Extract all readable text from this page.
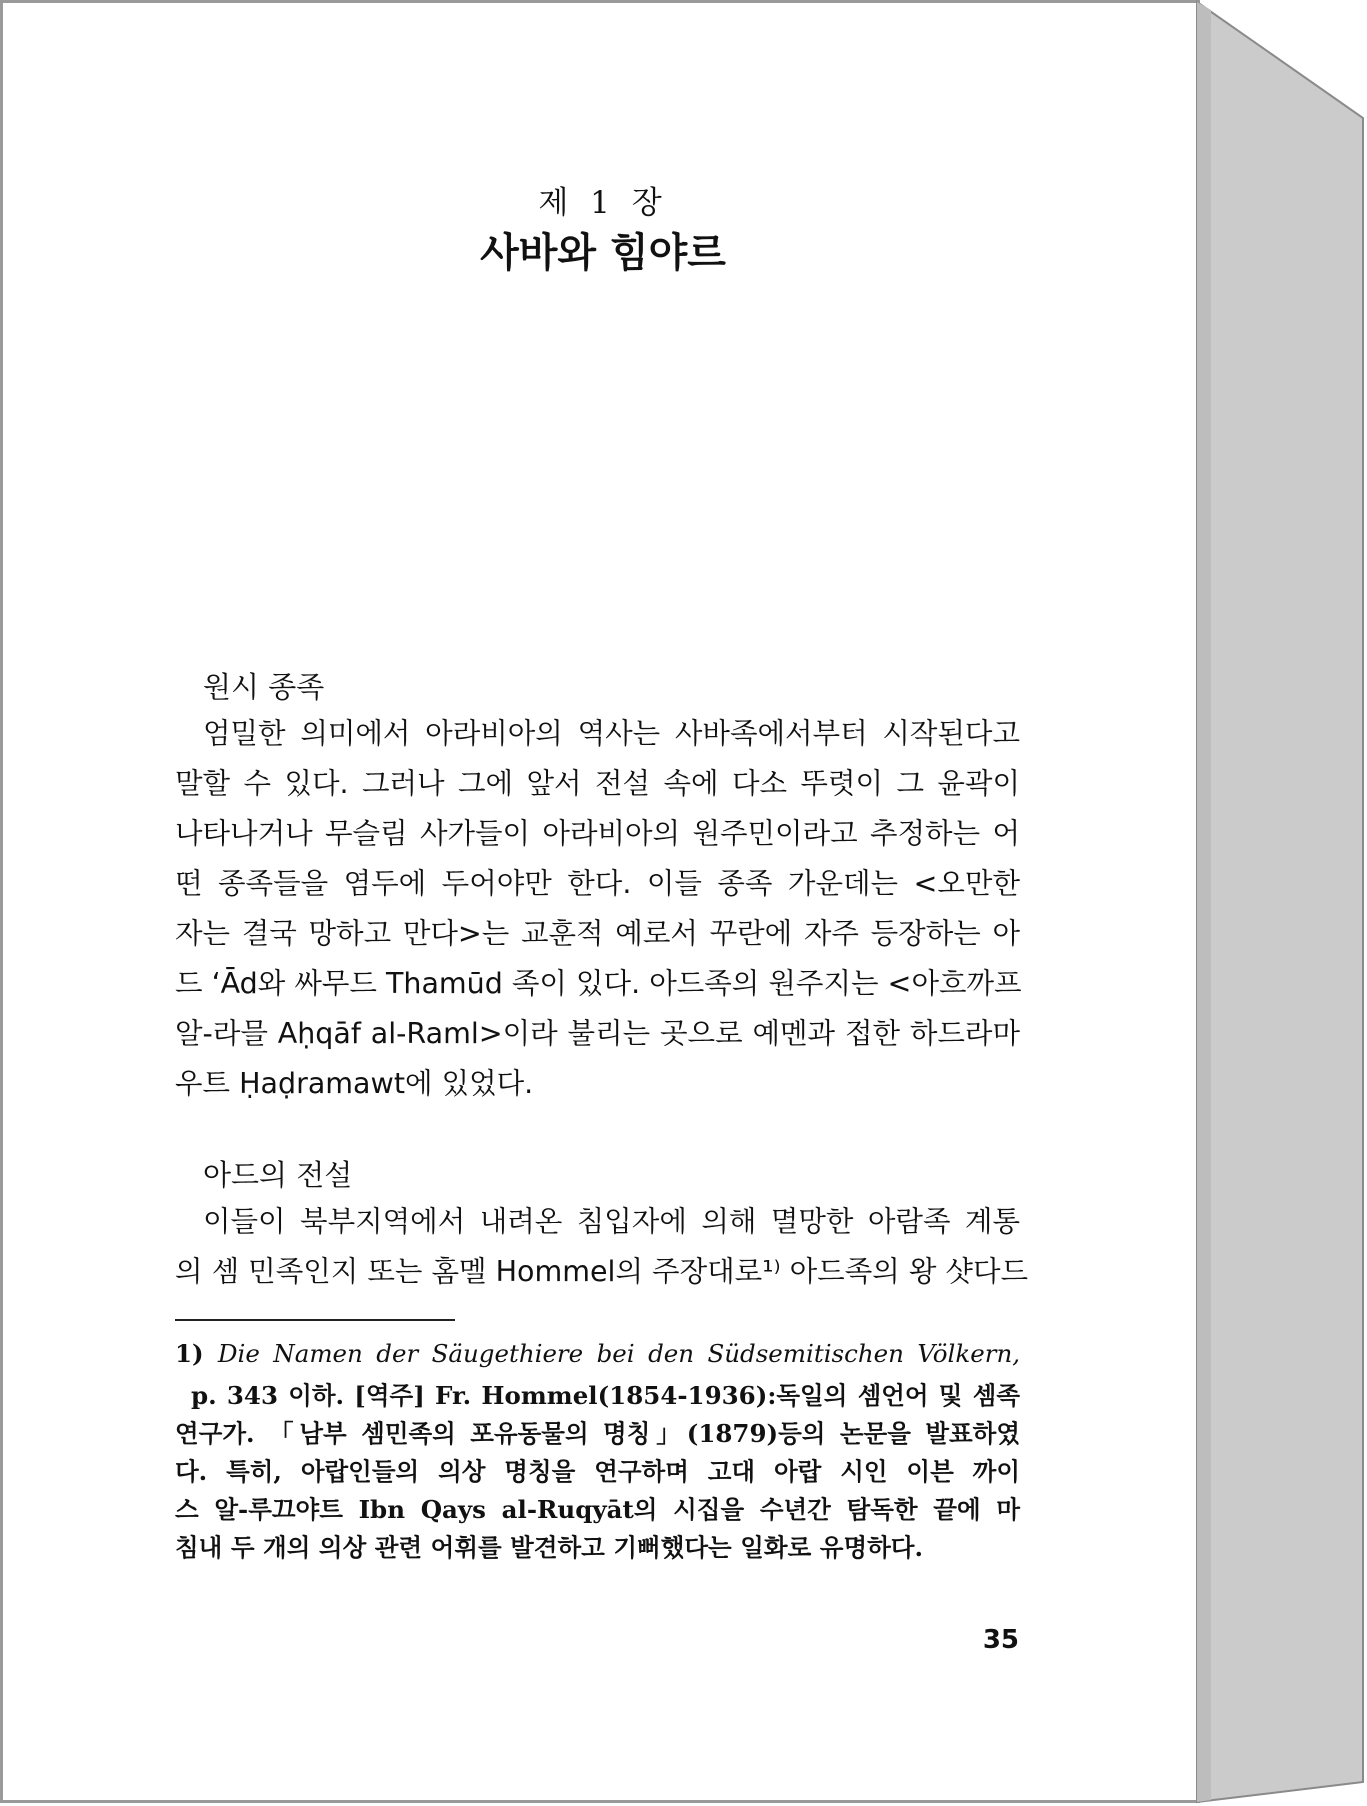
제 1 장
사바와 힘야르
원시 종족
엄밀한 의미에서 아라비아의 역사는 사바족에서부터 시작된다고
말할 수 있다. 그러나 그에 앞서 전설 속에 다소 뚜렷이 그 윤곽이
나타나거나 무슬림 사가들이 아라비아의 원주민이라고 추정하는 어
떤 종족들을 염두에 두어야만 한다. 이들 종족 가운데는 <오만한
자는 결국 망하고 만다>는 교훈적 예로서 꾸란에 자주 등장하는 아
드 ‘Ād와 싸무드 Thamūd 족이 있다. 아드족의 원주지는 <아흐까프
알-라믈 Aḥqāf al-Raml>이라 불리는 곳으로 예멘과 접한 하드라마
우트 Ḥaḍramawt에 있었다.
아드의 전설
이들이 북부지역에서 내려온 침입자에 의해 멸망한 아람족 계통
의 셈 민족인지 또는 홈멜 Hommel의 주장대로¹⁾ 아드족의 왕 샷다드
1) Die Namen der Säugethiere bei den Südsemitischen Völkern,
p. 343 이하. [역주] Fr. Hommel(1854-1936):독일의 셈언어 및 셈족
연구가. 「남부 셈민족의 포유동물의 명칭」(1879)등의 논문을 발표하였
다. 특히, 아랍인들의 의상 명칭을 연구하며 고대 아랍 시인 이븐 까이
스 알-루끄야트 Ibn Qays al-Ruqyāt의 시집을 수년간 탐독한 끝에 마
침내 두 개의 의상 관련 어휘를 발견하고 기뻐했다는 일화로 유명하다.
35
